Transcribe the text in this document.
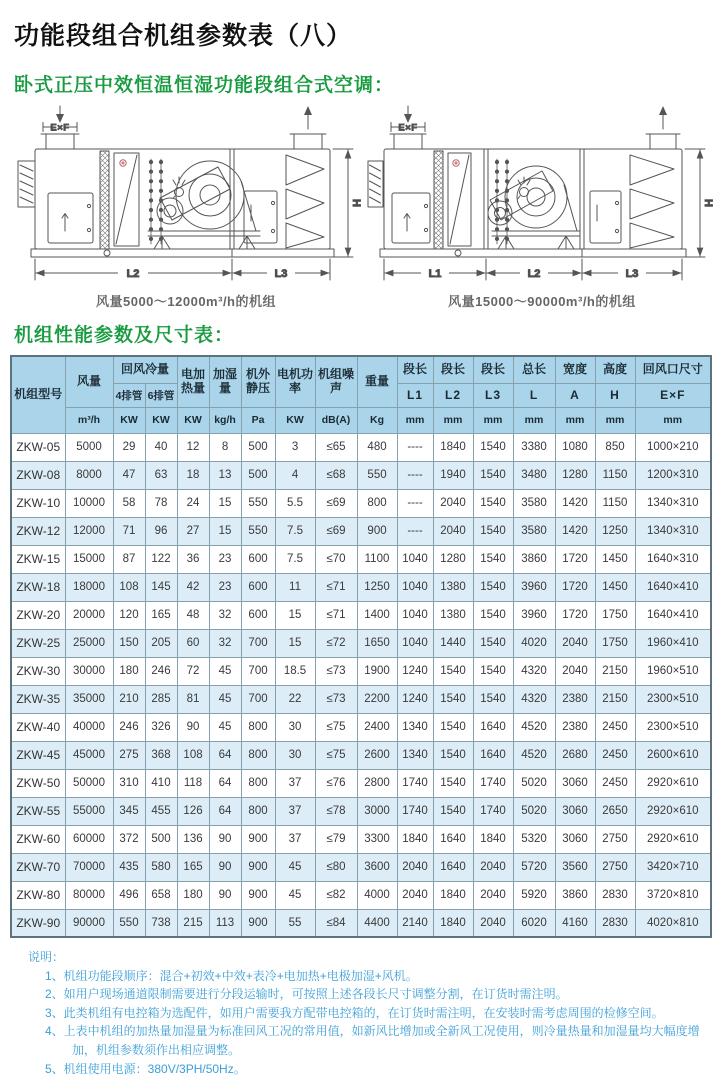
功能段组合机组参数表（八）
卧式正压中效恒温恒湿功能段组合式空调：
E×F
H
L2	L3
风量5000～12000m³/h的机组
E×F
H
L1	L2	L3
风量15000～90000m³/h的机组
机组性能参数及尺寸表：
机组型号	风量	回风冷量		电加热量	加湿量	机外静压	电机功率	机组噪声	重量	段长	段长	段长	总长	宽度	高度	回风口尺寸
		4排管	6排管							L1	L2	L3	L	A	H	E×F
	m³/h	KW	KW	KW	kg/h	Pa	KW	dB(A)	Kg	mm	mm	mm	mm	mm	mm	mm
ZKW-05	5000	29	40	12	8	500	3	≤65	480	----	1840	1540	3380	1080	850	1000×210
ZKW-08	8000	47	63	18	13	500	4	≤68	550	----	1940	1540	3480	1280	1150	1200×310
ZKW-10	10000	58	78	24	15	550	5.5	≤69	800	----	2040	1540	3580	1420	1150	1340×310
ZKW-12	12000	71	96	27	15	550	7.5	≤69	900	----	2040	1540	3580	1420	1250	1340×310
ZKW-15	15000	87	122	36	23	600	7.5	≤70	1100	1040	1280	1540	3860	1720	1450	1640×310
ZKW-18	18000	108	145	42	23	600	11	≤71	1250	1040	1380	1540	3960	1720	1450	1640×410
ZKW-20	20000	120	165	48	32	600	15	≤71	1400	1040	1380	1540	3960	1720	1750	1640×410
ZKW-25	25000	150	205	60	32	700	15	≤72	1650	1040	1440	1540	4020	2040	1750	1960×410
ZKW-30	30000	180	246	72	45	700	18.5	≤73	1900	1240	1540	1540	4320	2040	2150	1960×510
ZKW-35	35000	210	285	81	45	700	22	≤73	2200	1240	1540	1540	4320	2380	2150	2300×510
ZKW-40	40000	246	326	90	45	800	30	≤75	2400	1340	1540	1640	4520	2380	2450	2300×510
ZKW-45	45000	275	368	108	64	800	30	≤75	2600	1340	1540	1640	4520	2680	2450	2600×610
ZKW-50	50000	310	410	118	64	800	37	≤76	2800	1740	1540	1740	5020	3060	2450	2920×610
ZKW-55	55000	345	455	126	64	800	37	≤78	3000	1740	1540	1740	5020	3060	2650	2920×610
ZKW-60	60000	372	500	136	90	900	37	≤79	3300	1840	1640	1840	5320	3060	2750	2920×610
ZKW-70	70000	435	580	165	90	900	45	≤80	3600	2040	1640	2040	5720	3560	2750	3420×710
ZKW-80	80000	496	658	180	90	900	45	≤82	4000	2040	1840	2040	5920	3860	2830	3720×810
ZKW-90	90000	550	738	215	113	900	55	≤84	4400	2140	1840	2040	6020	4160	2830	4020×810
说明：
1、机组功能段顺序：混合+初效+中效+表冷+电加热+电极加湿+风机。
2、如用户现场通道限制需要进行分段运输时，可按照上述各段长尺寸调整分割，在订货时需注明。
3、此类机组有电控箱为选配件，如用户需要我方配带电控箱的，在订货时需注明，在安装时需考虑周围的检修空间。
4、上表中机组的加热量加湿量为标准回风工况的常用值，如新风比增加或全新风工况使用，则冷量热量和加湿量均大幅度增加，机组参数须作出相应调整。
5、机组使用电源：380V/3PH/50Hz。
